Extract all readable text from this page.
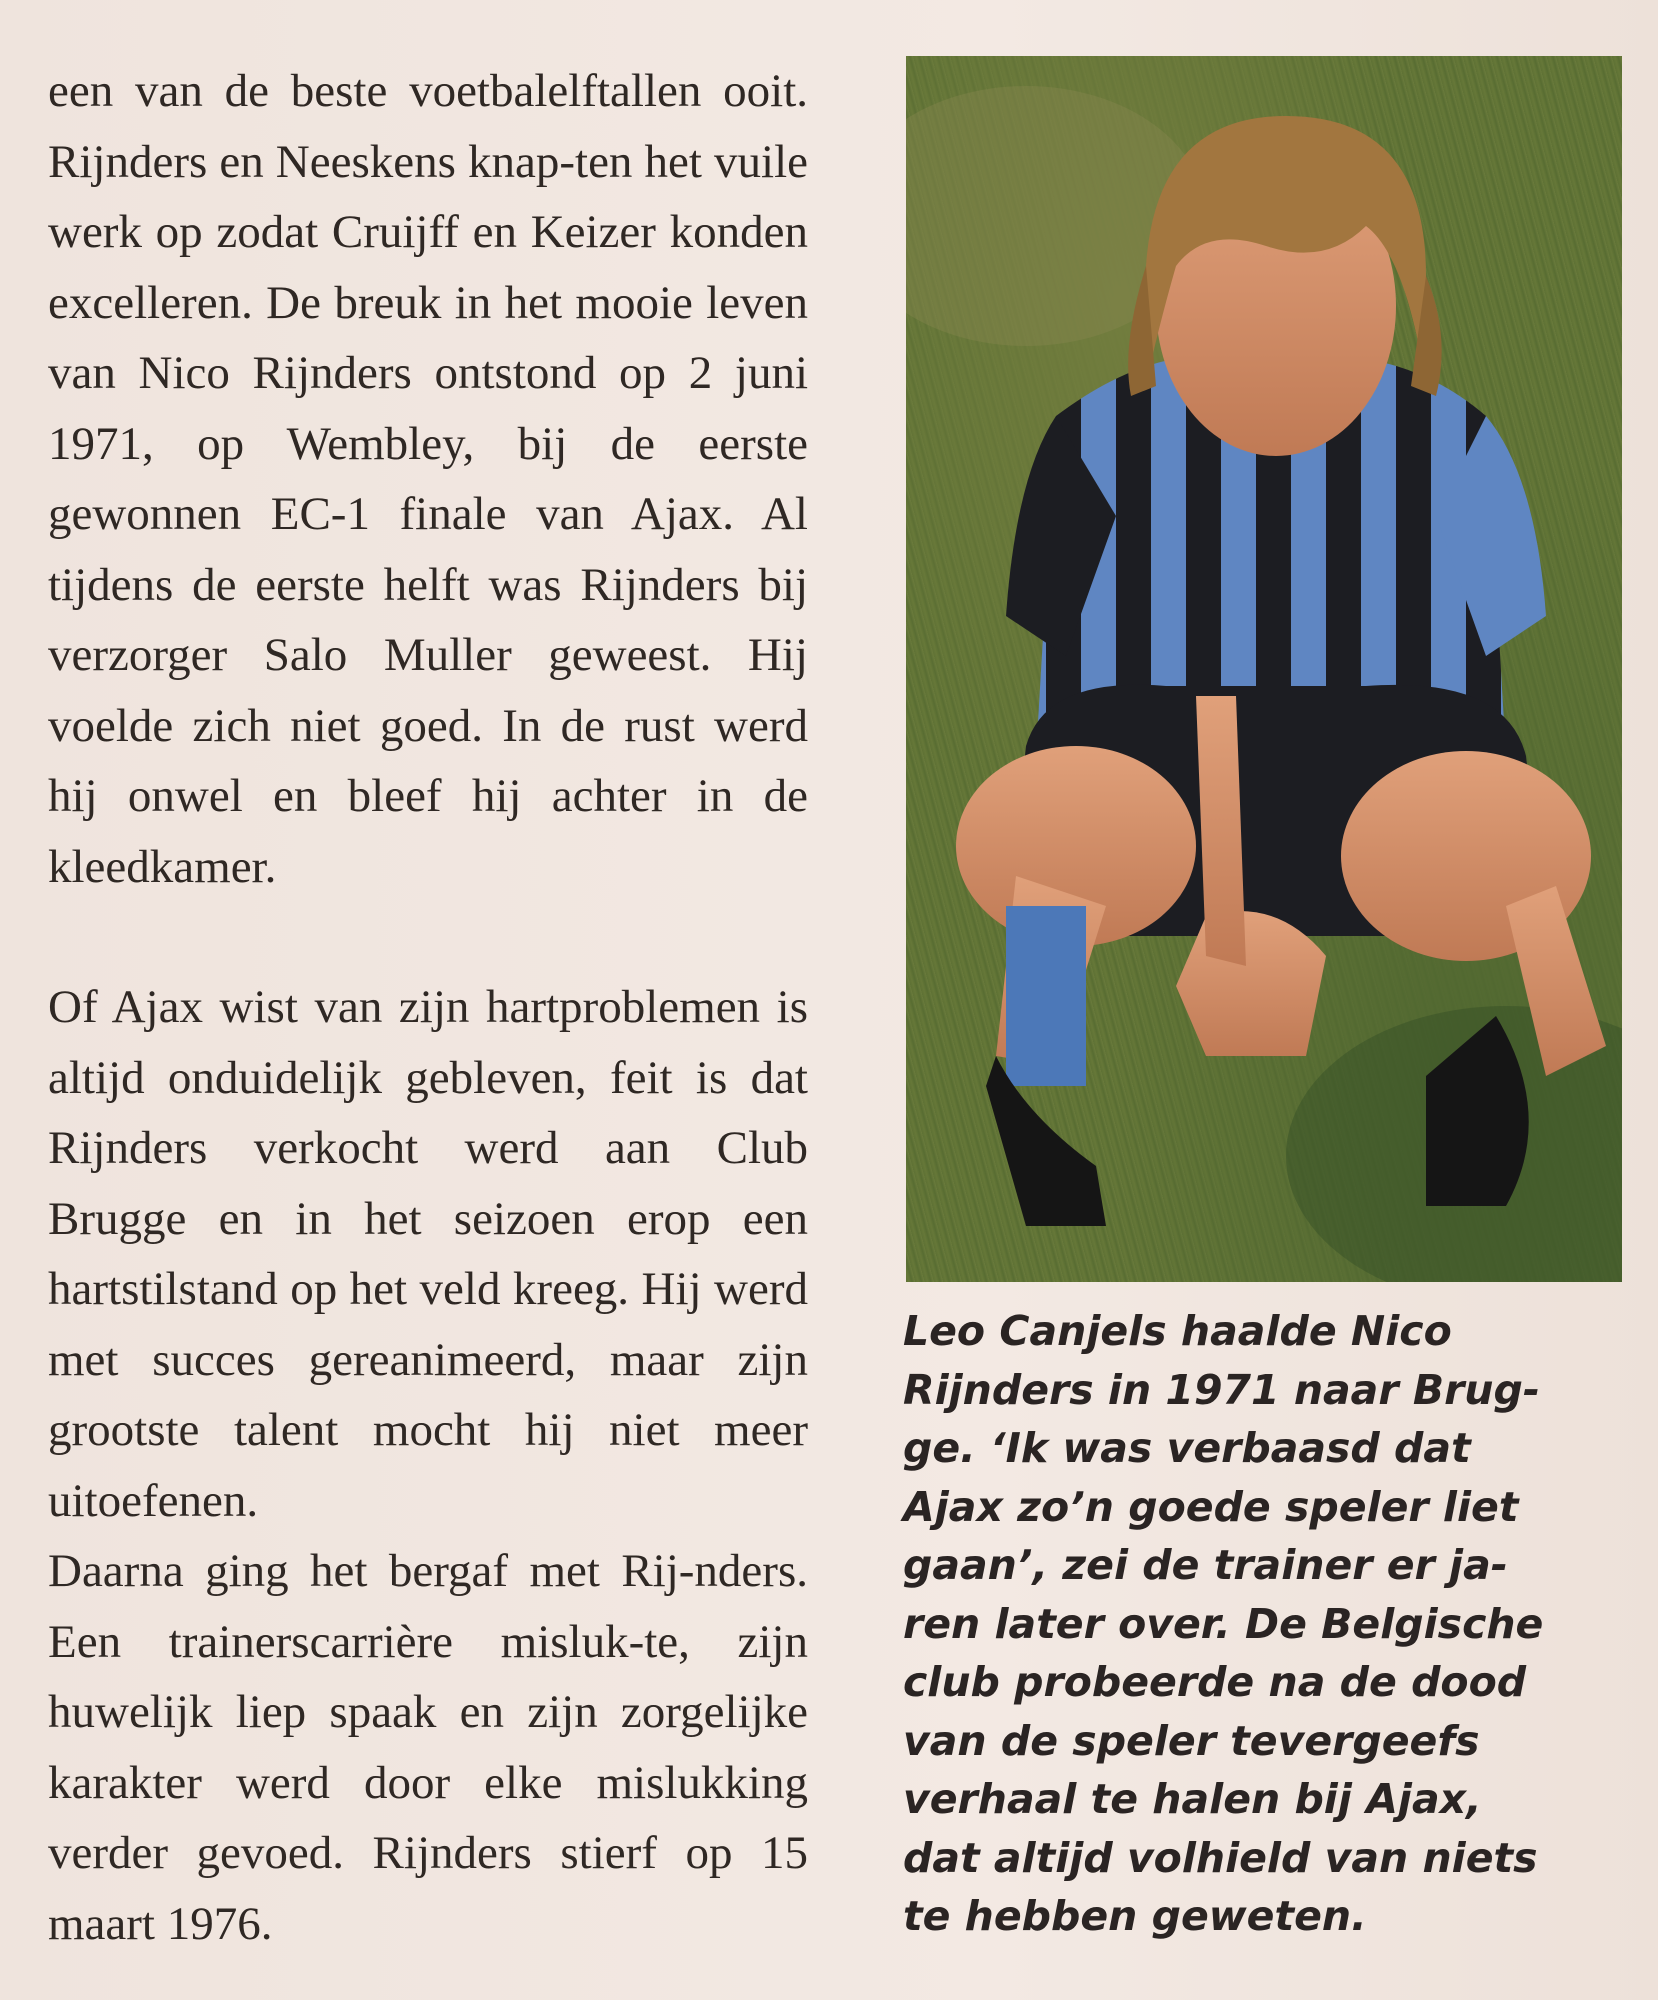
een van de beste voetbalelftallen ooit. Rijnders en Neeskens knap-ten het vuile werk op zodat Cruijff en Keizer konden excelleren. De breuk in het mooie leven van Nico Rijnders ontstond op 2 juni 1971, op Wembley, bij de eerste gewonnen EC-1 finale van Ajax. Al tijdens de eerste helft was Rijnders bij verzorger Salo Muller geweest. Hij voelde zich niet goed. In de rust werd hij onwel en bleef hij achter in de kleedkamer.

Of Ajax wist van zijn hartproblemen is altijd onduidelijk gebleven, feit is dat Rijnders verkocht werd aan Club Brugge en in het seizoen erop een hartstilstand op het veld kreeg. Hij werd met succes gereanimeerd, maar zijn grootste talent mocht hij niet meer uitoefenen.

Daarna ging het bergaf met Rij-nders. Een trainerscarrière misluk-te, zijn huwelijk liep spaak en zijn zorgelijke karakter werd door elke mislukking verder gevoed. Rijnders stierf op 15 maart 1976.

Leo Canjels haalde Nico
Rijnders in 1971 naar Brug-
ge. ‘Ik was verbaasd dat
Ajax zo’n goede speler liet
gaan’, zei de trainer er ja-
ren later over. De Belgische
club probeerde na de dood
van de speler tevergeefs
verhaal te halen bij Ajax,
dat altijd volhield van niets
te hebben geweten.
